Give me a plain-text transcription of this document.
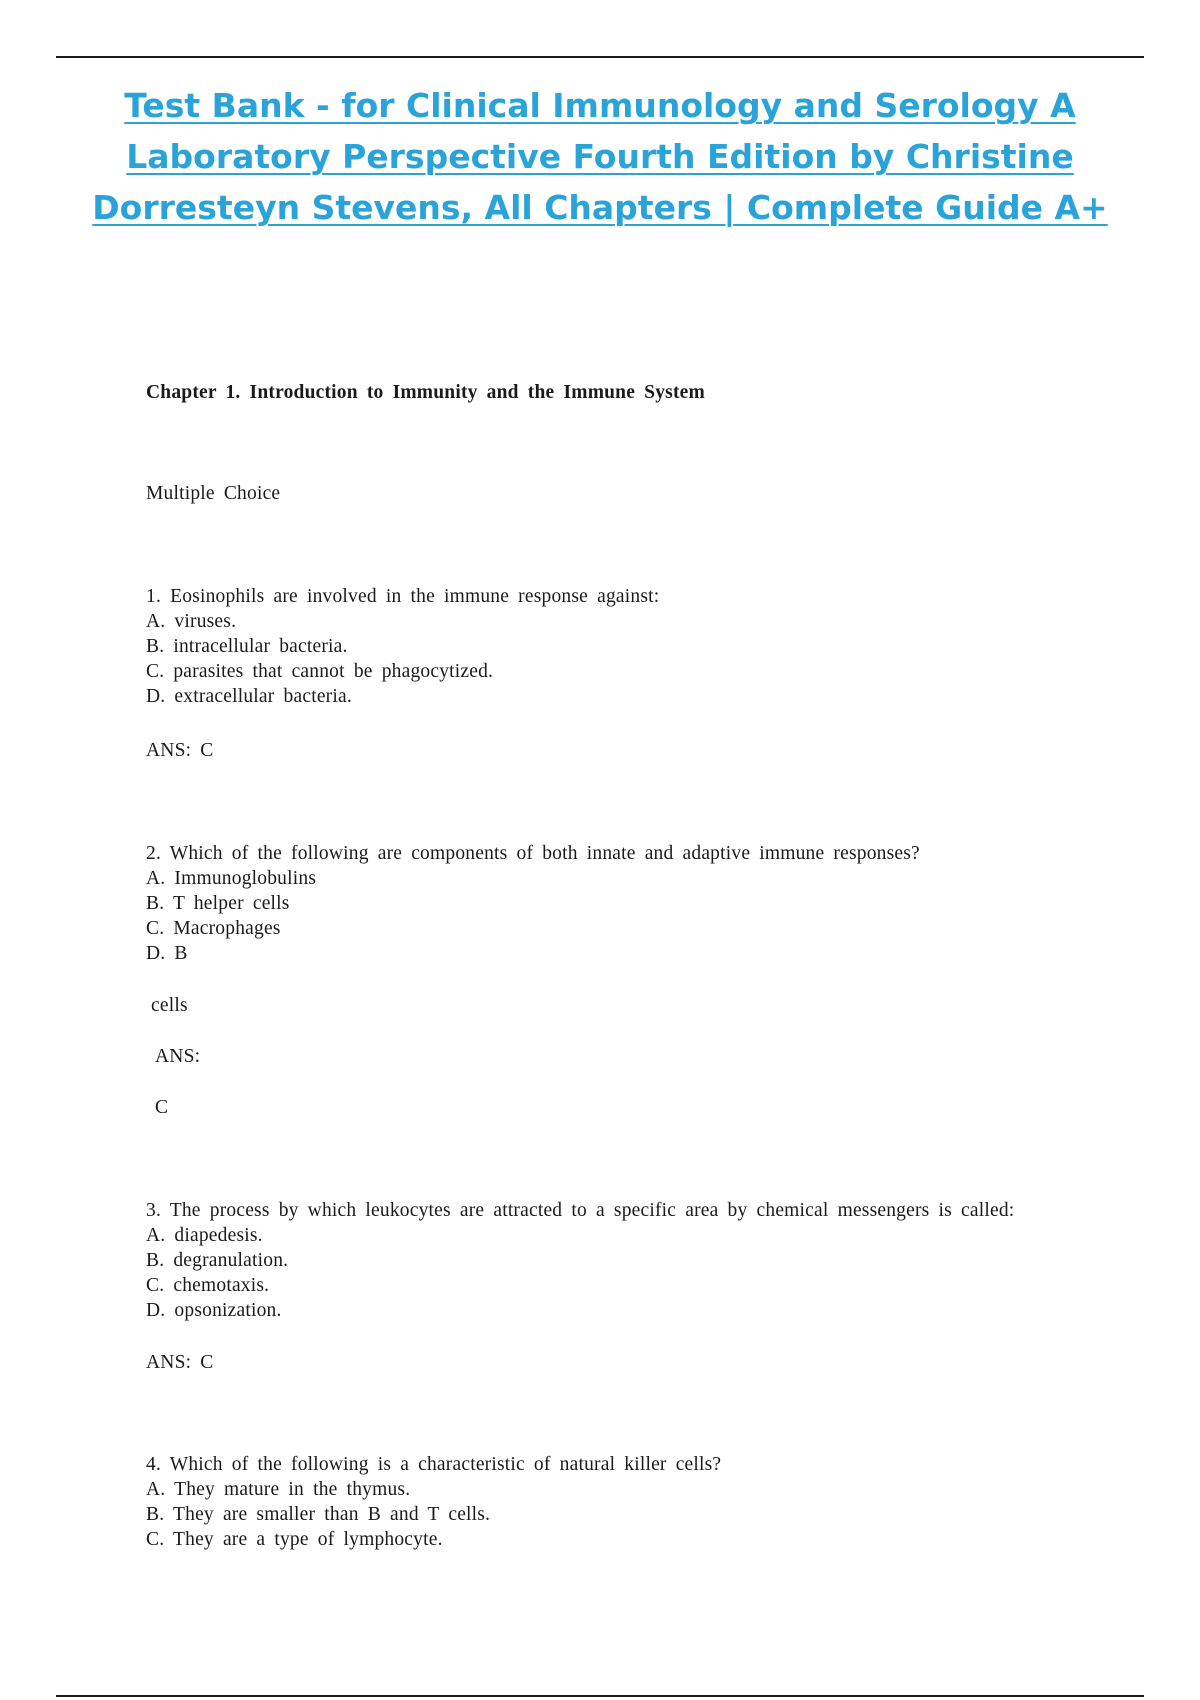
Test Bank - for Clinical Immunology and Serology A Laboratory Perspective Fourth Edition by Christine Dorresteyn Stevens, All Chapters | Complete Guide A+
Chapter 1. Introduction to Immunity and the Immune System
Multiple Choice
1. Eosinophils are involved in the immune response against:
A. viruses.
B. intracellular bacteria.
C. parasites that cannot be phagocytized.
D. extracellular bacteria.
ANS: C
2. Which of the following are components of both innate and adaptive immune responses?
A. Immunoglobulins
B. T helper cells
C. Macrophages
D. B
cells
ANS:
C
3. The process by which leukocytes are attracted to a specific area by chemical messengers is called:
A. diapedesis.
B. degranulation.
C. chemotaxis.
D. opsonization.
ANS: C
4. Which of the following is a characteristic of natural killer cells?
A. They mature in the thymus.
B. They are smaller than B and T cells.
C. They are a type of lymphocyte.
